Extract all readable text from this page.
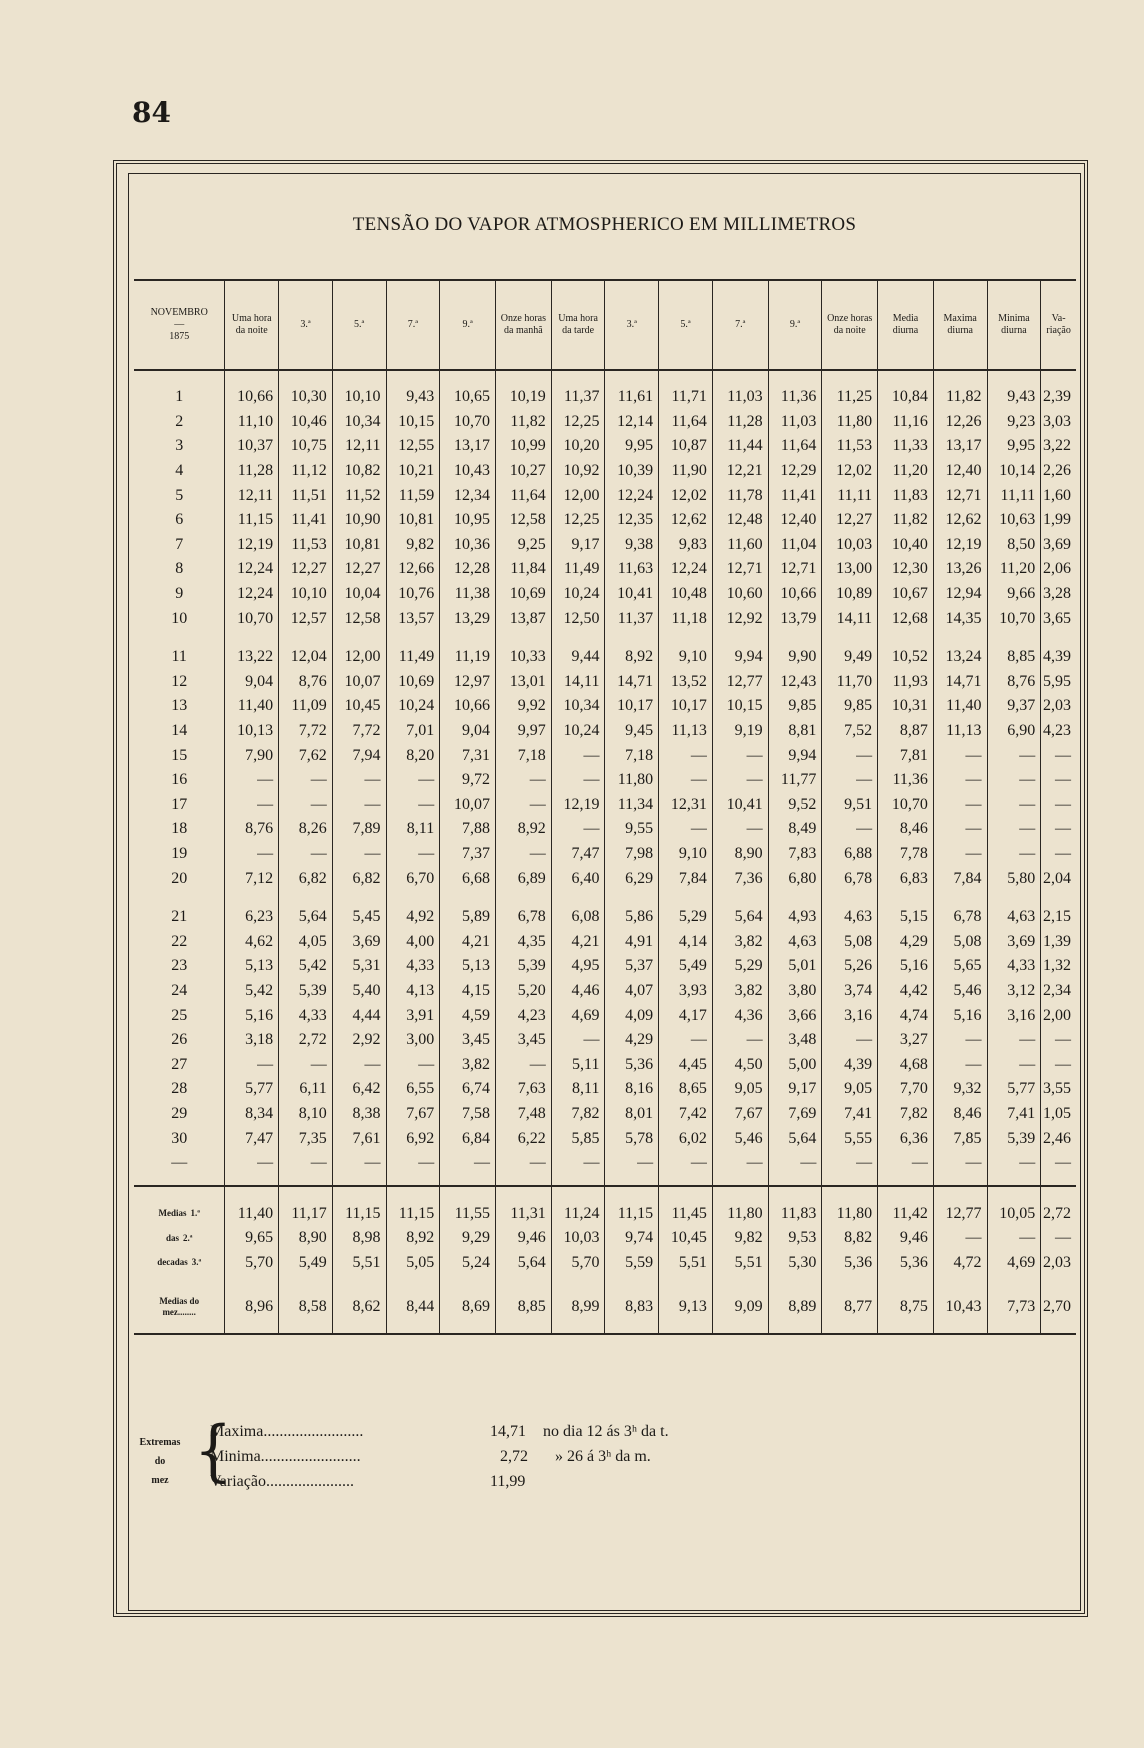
84
TENSÃO DO VAPOR ATMOSPHERICO EM MILLIMETROS
NOVEMBRO
—
1875	Uma hora da noite	3.ª	5.ª	7.ª	9.ª	Onze horas da manhã	Uma hora da tarde	3.ª	5.ª	7.ª	9.ª	Onze horas da noite	Media diurna	Maxima diurna	Minima diurna	Va-riação

1	10,66	10,30	10,10	9,43	10,65	10,19	11,37	11,61	11,71	11,03	11,36	11,25	10,84	11,82	9,43	2,39
2	11,10	10,46	10,34	10,15	10,70	11,82	12,25	12,14	11,64	11,28	11,03	11,80	11,16	12,26	9,23	3,03
3	10,37	10,75	12,11	12,55	13,17	10,99	10,20	9,95	10,87	11,44	11,64	11,53	11,33	13,17	9,95	3,22
4	11,28	11,12	10,82	10,21	10,43	10,27	10,92	10,39	11,90	12,21	12,29	12,02	11,20	12,40	10,14	2,26
5	12,11	11,51	11,52	11,59	12,34	11,64	12,00	12,24	12,02	11,78	11,41	11,11	11,83	12,71	11,11	1,60
6	11,15	11,41	10,90	10,81	10,95	12,58	12,25	12,35	12,62	12,48	12,40	12,27	11,82	12,62	10,63	1,99
7	12,19	11,53	10,81	9,82	10,36	9,25	9,17	9,38	9,83	11,60	11,04	10,03	10,40	12,19	8,50	3,69
8	12,24	12,27	12,27	12,66	12,28	11,84	11,49	11,63	12,24	12,71	12,71	13,00	12,30	13,26	11,20	2,06
9	12,24	10,10	10,04	10,76	11,38	10,69	10,24	10,41	10,48	10,60	10,66	10,89	10,67	12,94	9,66	3,28
10	10,70	12,57	12,58	13,57	13,29	13,87	12,50	11,37	11,18	12,92	13,79	14,11	12,68	14,35	10,70	3,65

11	13,22	12,04	12,00	11,49	11,19	10,33	9,44	8,92	9,10	9,94	9,90	9,49	10,52	13,24	8,85	4,39
12	9,04	8,76	10,07	10,69	12,97	13,01	14,11	14,71	13,52	12,77	12,43	11,70	11,93	14,71	8,76	5,95
13	11,40	11,09	10,45	10,24	10,66	9,92	10,34	10,17	10,17	10,15	9,85	9,85	10,31	11,40	9,37	2,03
14	10,13	7,72	7,72	7,01	9,04	9,97	10,24	9,45	11,13	9,19	8,81	7,52	8,87	11,13	6,90	4,23
15	7,90	7,62	7,94	8,20	7,31	7,18	—	7,18	—	—	9,94	—	7,81	—	—	—
16	—	—	—	—	9,72	—	—	11,80	—	—	11,77	—	11,36	—	—	—
17	—	—	—	—	10,07	—	12,19	11,34	12,31	10,41	9,52	9,51	10,70	—	—	—
18	8,76	8,26	7,89	8,11	7,88	8,92	—	9,55	—	—	8,49	—	8,46	—	—	—
19	—	—	—	—	7,37	—	7,47	7,98	9,10	8,90	7,83	6,88	7,78	—	—	—
20	7,12	6,82	6,82	6,70	6,68	6,89	6,40	6,29	7,84	7,36	6,80	6,78	6,83	7,84	5,80	2,04

21	6,23	5,64	5,45	4,92	5,89	6,78	6,08	5,86	5,29	5,64	4,93	4,63	5,15	6,78	4,63	2,15
22	4,62	4,05	3,69	4,00	4,21	4,35	4,21	4,91	4,14	3,82	4,63	5,08	4,29	5,08	3,69	1,39
23	5,13	5,42	5,31	4,33	5,13	5,39	4,95	5,37	5,49	5,29	5,01	5,26	5,16	5,65	4,33	1,32
24	5,42	5,39	5,40	4,13	4,15	5,20	4,46	4,07	3,93	3,82	3,80	3,74	4,42	5,46	3,12	2,34
25	5,16	4,33	4,44	3,91	4,59	4,23	4,69	4,09	4,17	4,36	3,66	3,16	4,74	5,16	3,16	2,00
26	3,18	2,72	2,92	3,00	3,45	3,45	—	4,29	—	—	3,48	—	3,27	—	—	—
27	—	—	—	—	3,82	—	5,11	5,36	4,45	4,50	5,00	4,39	4,68	—	—	—
28	5,77	6,11	6,42	6,55	6,74	7,63	8,11	8,16	8,65	9,05	9,17	9,05	7,70	9,32	5,77	3,55
29	8,34	8,10	8,38	7,67	7,58	7,48	7,82	8,01	7,42	7,67	7,69	7,41	7,82	8,46	7,41	1,05
30	7,47	7,35	7,61	6,92	6,84	6,22	5,85	5,78	6,02	5,46	5,64	5,55	6,36	7,85	5,39	2,46
—	—	—	—	—	—	—	—	—	—	—	—	—	—	—	—	—

Medias 1.ª	11,40	11,17	11,15	11,15	11,55	11,31	11,24	11,15	11,45	11,80	11,83	11,80	11,42	12,77	10,05	2,72
das 2.ª	9,65	8,90	8,98	8,92	9,29	9,46	10,03	9,74	10,45	9,82	9,53	8,82	9,46	—	—	—
decadas 3.ª	5,70	5,49	5,51	5,05	5,24	5,64	5,70	5,59	5,51	5,51	5,30	5,36	5,36	4,72	4,69	2,03

Medias do
mez........	8,96	8,58	8,62	8,44	8,69	8,85	8,99	8,83	9,13	9,09	8,89	8,77	8,75	10,43	7,73	2,70

Extremas
do
mez {
Maxima.........................	14,71 no dia 12 ás 3ʰ da t.
Minima.........................	2,72 » 26 á 3ʰ da m.
Variação......................	11,99
